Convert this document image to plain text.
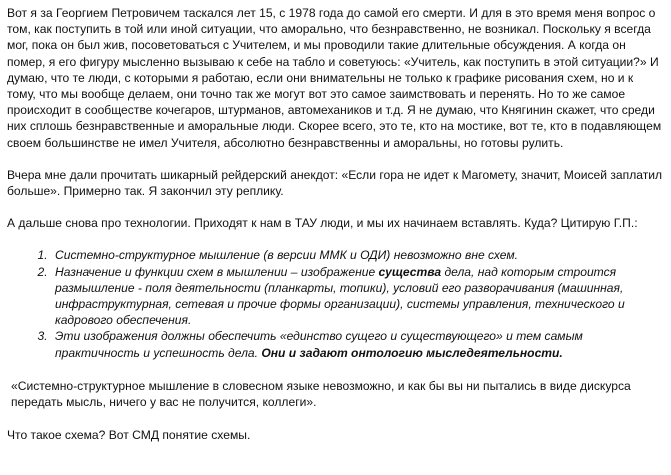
Вот я за Георгием Петровичем таскался лет 15, с 1978 года до самой его смерти. И для в это время меня вопрос о том, как поступить в той или иной ситуации, что аморально, что безнравственно, не возникал. Поскольку я всегда мог, пока он был жив, посоветоваться с Учителем, и мы проводили такие длительные обсуждения. А когда он помер, я его фигуру мысленно вызываю к себе на табло и советуюсь: «Учитель, как поступить в этой ситуации?» И думаю, что те люди, с которыми я работаю, если они внимательны не только к графике рисования схем, но и к тому, что мы вообще делаем, они точно так же могут вот это самое заимствовать и перенять. Но то же самое происходит в сообществе кочегаров, штурманов, автомехаников и т.д. Я не думаю, что Княгинин скажет, что среди них сплошь безнравственные и аморальные люди. Скорее всего, это те, кто на мостике, вот те, кто в подавляющем своем большинстве не имел Учителя, абсолютно безнравственны и аморальны, но готовы рулить.

Вчера мне дали прочитать шикарный рейдерский анекдот: «Если гора не идет к Магомету, значит, Моисей заплатил больше». Примерно так. Я закончил эту реплику.

А дальше снова про технологии. Приходят к нам в ТАУ люди, и мы их начинаем вставлять. Куда? Цитирую Г.П.:

1. Системно-структурное мышление (в версии ММК и ОДИ) невозможно вне схем.
2. Назначение и функции схем в мышлении – изображение существа дела, над которым строится размышление - поля деятельности (планкарты, топики), условий его разворачивания (машинная, инфраструктурная, сетевая и прочие формы организации), системы управления, технического и кадрового обеспечения.
3. Эти изображения должны обеспечить «единство сущего и существующего» и тем самым практичность и успешность дела. Они и задают онтологию мыследеятельности.

«Системно-структурное мышление в словесном языке невозможно, и как бы вы ни пытались в виде дискурса передать мысль, ничего у вас не получится, коллеги».

Что такое схема? Вот СМД понятие схемы.
